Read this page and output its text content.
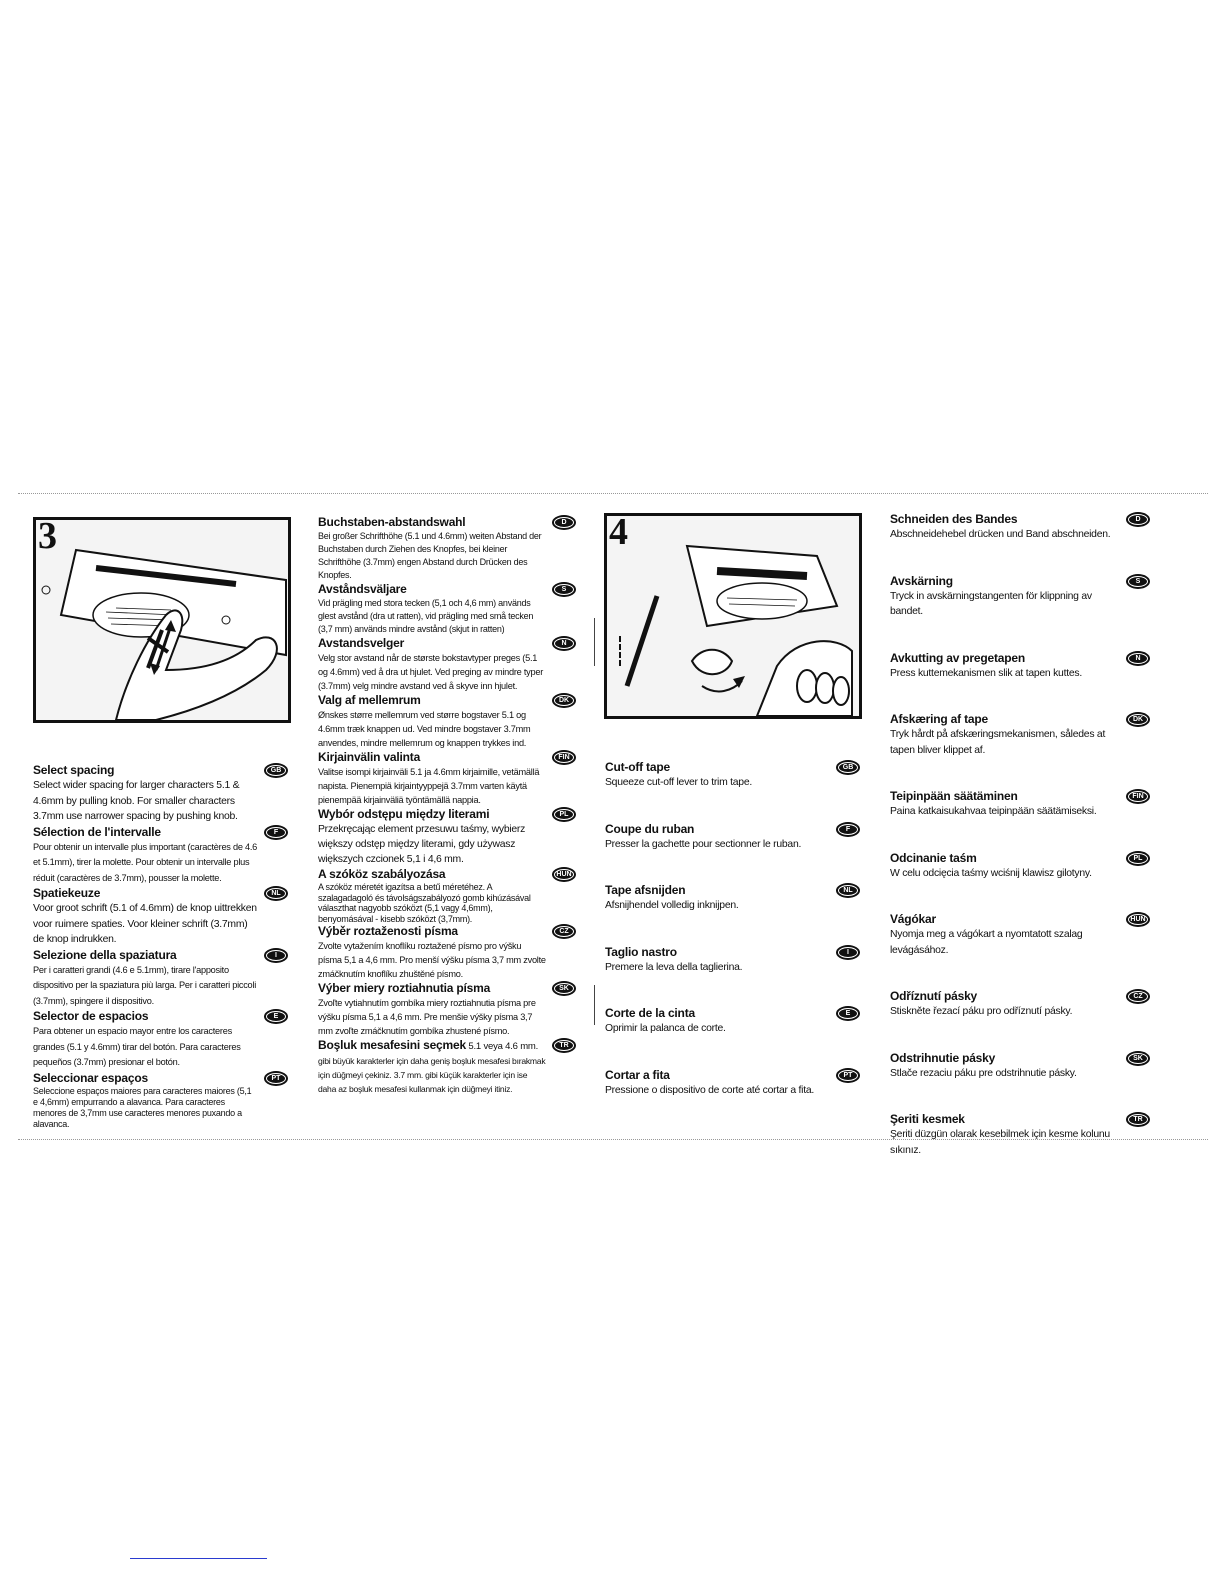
3	4
Select spacing	GB
Select wider spacing for larger characters 5.1 & 4.6mm by pulling knob. For smaller characters 3.7mm use narrower spacing by pushing knob.
Sélection de l'intervalle	F
Pour obtenir un intervalle plus important (caractères de 4.6 et 5.1mm), tirer la molette. Pour obtenir un intervalle plus réduit (caractères de 3.7mm), pousser la molette.
Spatiekeuze	NL
Voor groot schrift (5.1 of 4.6mm) de knop uittrekken voor ruimere spaties. Voor kleiner schrift (3.7mm) de knop indrukken.
Selezione della spaziatura	I
Per i caratteri grandi (4.6 e 5.1mm), tirare l'apposito dispositivo per la spaziatura più larga. Per i caratteri piccoli (3.7mm), spingere il dispositivo.
Selector de espacios	E
Para obtener un espacio mayor entre los caracteres grandes (5.1 y 4.6mm) tirar del botón. Para caracteres pequeños (3.7mm) presionar el botón.
Seleccionar espaços	PT
Seleccione espaços maiores para caracteres maiores (5,1 e 4,6mm) empurrando a alavanca. Para caracteres menores de 3,7mm use caracteres menores puxando a alavanca.
Buchstaben-abstandswahl	D
Bei großer Schrifthöhe (5.1 und 4.6mm) weiten Abstand der Buchstaben durch Ziehen des Knopfes, bei kleiner Schrifthöhe (3.7mm) engen Abstand durch Drücken des Knopfes.
Avståndsväljare	S
Vid prägling med stora tecken (5,1 och 4,6 mm) används glest avstånd (dra ut ratten), vid prägling med små tecken (3,7 mm) används mindre avstånd (skjut in ratten)
Avstandsvelger	N
Velg stor avstand når de største bokstavtyper preges (5.1 og 4.6mm) ved å dra ut hjulet. Ved preging av mindre typer (3.7mm) velg mindre avstand ved å skyve inn hjulet.
Valg af mellemrum	DK
Ønskes større mellemrum ved større bogstaver 5.1 og 4.6mm træk knappen ud. Ved mindre bogstaver 3.7mm anvendes, mindre mellemrum og knappen trykkes ind.
Kirjainvälin valinta	FIN
Valitse isompi kirjainväli 5.1 ja 4.6mm kirjaimille, vetämällä napista. Pienempiä kirjaintyyppejä 3.7mm varten käytä pienempää kirjainväliä työntämällä nappia.
Wybór odstępu między literami	PL
Przekręcając element przesuwu taśmy, wybierz większy odstęp między literami, gdy używasz większych czcionek 5,1 i 4,6 mm.
A szóköz szabályozása	HUN
A szóköz méretét igazítsa a betű méretéhez. A szalagadagoló és távolságszabályozó gomb kihúzásával választhat nagyobb szóközt (5,1 vagy 4,6mm), benyomásával - kisebb szóközt (3,7mm).
Výběr roztaženosti písma	CZ
Zvolte vytažením knoflíku roztažené písmo pro výšku písma 5,1 a 4,6 mm. Pro menší výšku písma 3,7 mm zvolte zmáčknutím knoflíku zhuštěné písmo.
Výber miery roztiahnutia písma	SK
Zvoľte vytiahnutím gombíka miery roztiahnutia písma pre výšku písma 5,1 a 4,6 mm. Pre menšie výšky písma 3,7 mm zvoľte zmáčknutím gombíka zhustené písmo.
Boşluk mesafesini seçmek 5.1 veya 4.6 mm.	TR
gibi büyük karakterler için daha geniş boşluk mesafesi bırakmak için düğmeyi çekiniz. 3.7 mm. gibi küçük karakterler için ise daha az boşluk mesafesi kullanmak için düğmeyi itiniz.
Cut-off tape	GB
Squeeze cut-off lever to trim tape.
Coupe du ruban	F
Presser la gachette pour sectionner le ruban.
Tape afsnijden	NL
Afsnijhendel volledig inknijpen.
Taglio nastro	I
Premere la leva della taglierina.
Corte de la cinta	E
Oprimir la palanca de corte.
Cortar a fita	PT
Pressione o dispositivo de corte até cortar a fita.
Schneiden des Bandes	D
Abschneidehebel drücken und Band abschneiden.
Avskärning	S
Tryck in avskärningstangenten för klippning av bandet.
Avkutting av pregetapen	N
Press kuttemekanismen slik at tapen kuttes.
Afskæring af tape	DK
Tryk hårdt på afskæringsmekanismen, således at tapen bliver klippet af.
Teipinpään säätäminen	FIN
Paina katkaisukahvaa teipinpään säätämiseksi.
Odcinanie taśm	PL
W celu odcięcia taśmy wciśnij klawisz gilotyny.
Vágókar	HUN
Nyomja meg a vágókart a nyomtatott szalag levágásához.
Odříznutí pásky	CZ
Stiskněte řezací páku pro odříznutí pásky.
Odstrihnutie pásky	SK
Stlače rezaciu páku pre odstrihnutie pásky.
Şeriti kesmek	TR
Şeriti düzgün olarak kesebilmek için kesme kolunu sıkınız.
